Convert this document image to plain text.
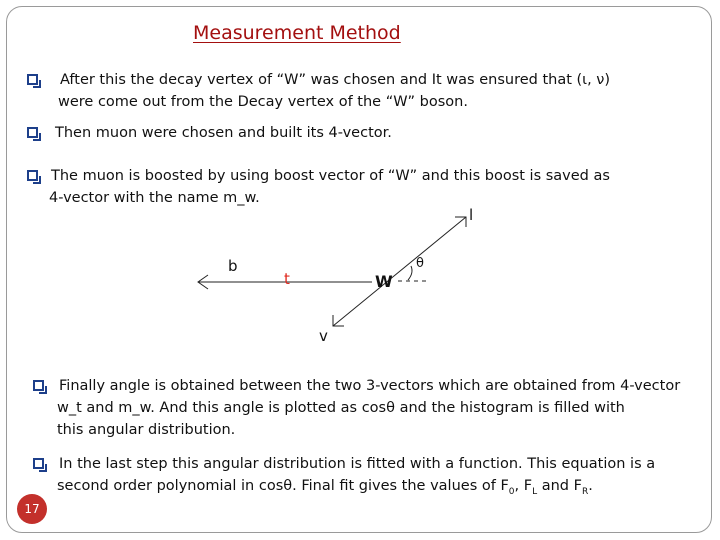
Measurement Method
After this the decay vertex of “W” was chosen and It was ensured that (ι, ν)
were come out from the Decay vertex of the “W” boson.
Then muon were chosen and built its 4-vector.
The muon is boosted by using boost vector of “W” and this boost is saved as
4-vector with the name m_w.
l
b
t	W
θ
v
Finally angle is obtained between the two 3-vectors which are obtained from 4-vector
w_t and m_w. And this angle is plotted as cosθ and the histogram is filled with
this angular distribution.
In the last step this angular distribution is fitted with a function. This equation is a
second order polynomial in cosθ. Final fit gives the values of $F_0$, $F_L$ and $F_R$.
17
